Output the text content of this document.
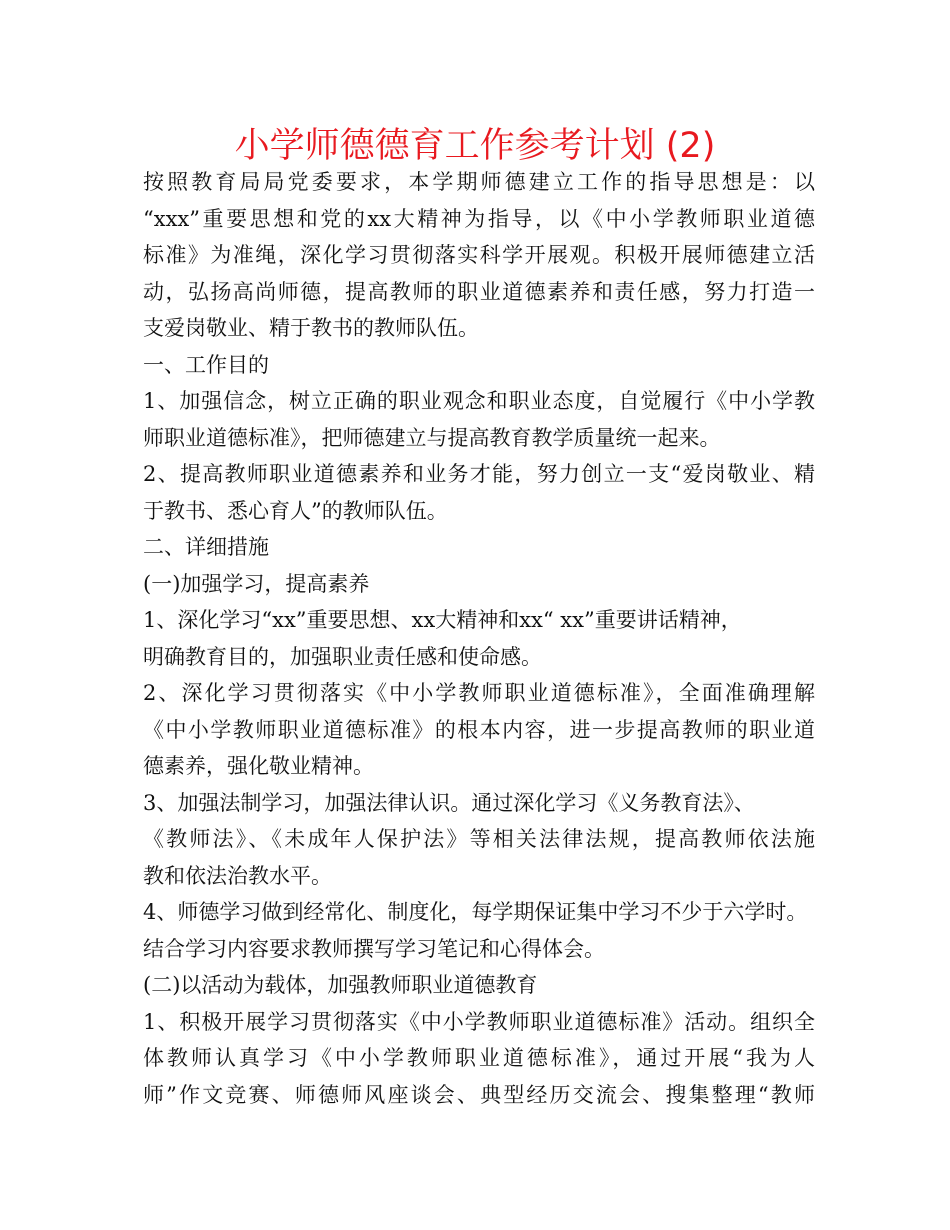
小学师德德育工作参考计划 (2)
按照教育局局党委要求，本学期师德建立工作的指导思想是：以
“xxx”重要思想和党的xx大精神为指导，以《中小学教师职业道德
标准》为准绳，深化学习贯彻落实科学开展观。积极开展师德建立活
动，弘扬高尚师德，提高教师的职业道德素养和责任感，努力打造一
支爱岗敬业、精于教书的教师队伍。
一、工作目的
1、加强信念，树立正确的职业观念和职业态度，自觉履行《中小学教
师职业道德标准》，把师德建立与提高教育教学质量统一起来。
2、提高教师职业道德素养和业务才能，努力创立一支“爱岗敬业、精
于教书、悉心育人”的教师队伍。
二、详细措施
(一)加强学习，提高素养
1、深化学习“xx”重要思想、xx大精神和xx“ xx”重要讲话精神，
明确教育目的，加强职业责任感和使命感。
2、深化学习贯彻落实《中小学教师职业道德标准》，全面准确理解
《中小学教师职业道德标准》的根本内容，进一步提高教师的职业道
德素养，强化敬业精神。
3、加强法制学习，加强法律认识。通过深化学习《义务教育法》、
《教师法》、《未成年人保护法》等相关法律法规，提高教师依法施
教和依法治教水平。
4、师德学习做到经常化、制度化，每学期保证集中学习不少于六学时。
结合学习内容要求教师撰写学习笔记和心得体会。
(二)以活动为载体，加强教师职业道德教育
1、积极开展学习贯彻落实《中小学教师职业道德标准》活动。组织全
体教师认真学习《中小学教师职业道德标准》，通过开展“我为人
师”作文竞赛、师德师风座谈会、典型经历交流会、搜集整理“教师
